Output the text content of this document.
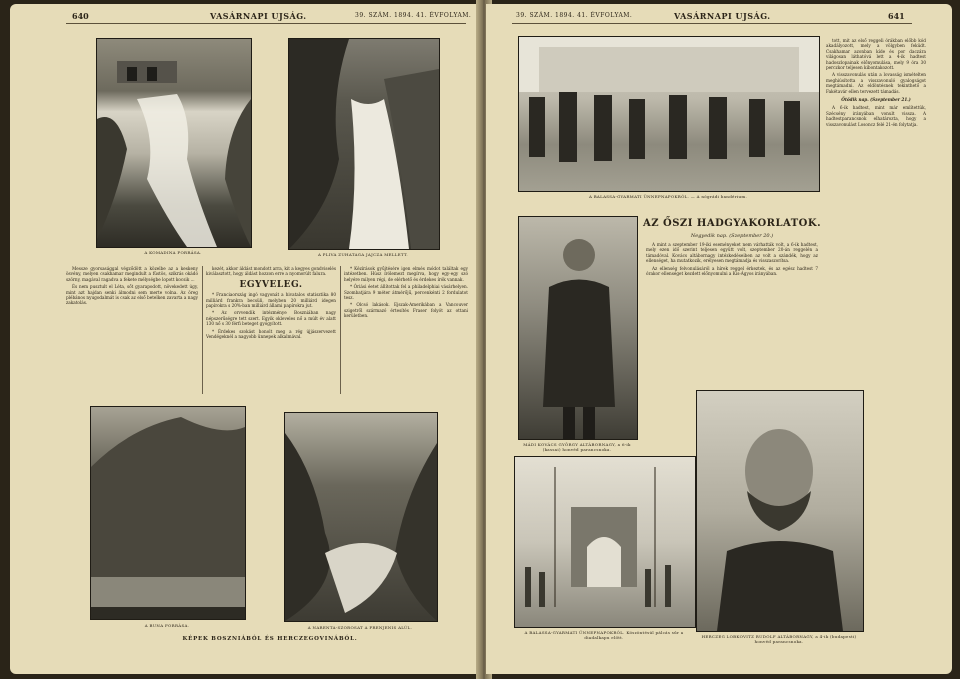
640	VASÁRNAPI UJSÁG.	39. SZÁM. 1894. 41. ÉVFOLYAM.
A KOMADINA FORRÁSA.	A PLIVA ZUHATAGA JAJCZA MELLETT.

Messze gyorsasággal végződött a közelbe az a keskeny ösvény, melyen csakhamar megindult a füstös, szikrás okádó szörny, magával ragadva a fekete mélységbe lopott kocsik ...

És nem pusztult el Léta, sőt gyarapodott, növekedett úgy, mint azt hajdan senki álmodni sem merte volna. Az öreg plébános nyugodalmát is csak az első betelken zavarta a nagy zakatolás.

kezét, akkor áldást mondott arra, kit a kegyes gondviselés kiválasztott, hogy áldást hozzon erre a nyomorúlt falura.

EGYVELEG.

* Franciaország ingó vagyonát a hivatalos statisztika 80 milliárd frankra becsüli, melyben 20 milliárd idegen papírokra s 20%-ban milliárd állami papírokra jut.

* Az orvvendik intézménye Boszniában nagy népszerűségre tett szert. Egyik okleveles nő a múlt év alatt 130 nő s 30 férfi beteget gyógyított.

* Érdekes szokást honolt meg a rég újjászervezett Vendégeknél a nagyobb ünnepek alkalmával.

* Kézírások gyűjtésére igen elmés módot találtak egy intézetben. Húsz írólemezt megírva, hogy egy-egy szó helyére milyen régi, de elérhető és érdekes írók vannak.

* Óriási éetet állítottak fel a philadelphiai vásárhelyen. Szombatjára 9 méter átmérőjű, percenkénti 2 fordulatot tesz.

* Olcsó lakások. Ejszak-Amerikában a Vancouver szigetről származó értesítés Fraser folyót az ottani kerületben.

A BUNA FORRÁSA.	A NARENTA-SZOROSAT A PRENJENIS ALÚL.
KÉPEK BOSZNIÁBÓL ÉS HERCZEGOVINÁBÓL.
39. SZÁM. 1894. 41. ÉVFOLYAM.	VASÁRNAPI UJSÁG.	641
A BALASSA-GYARMATI ÜNNEPNAPOKRÓL. — A nógrádi bandérium.

tott, mit az első reggeli órákban előbb kód akadályozott, mely a völgyben feküdt. Csakhamar azonban kíde és por daczára világosan láthatóvá lett a 4-ik hadtest hadoszlopainak előnyomulása, mely 9 óra 30 perczkor teljesen kibontakozott.

A visszavonulás után a lovasság ismételten meghiúsította a visszavonuló gyalogságot megtámadni. Az eldöntésnek tekinthető a Fakétavár ellen tervezett támadás.

Ötödik nap. (Szeptember 21.)

A 6-ik hadtest, mint már említettük, Szécsény irányában vonult vissza. A hadtestparancsnok elhatározta, hogy a visszavonulást Losoncz felé 21-én folytatja.

MÁDI KOVÁCS GYÖRGY ALTÁBORNAGY, a 6-ik (kassai) honvéd parancsnoka.
AZ ŐSZI HADGYAKORLATOK.
Negyedik nap. (Szeptember 20.)

A mint a szeptember 19-iki eseményeket nem várhatták volt, a 6-ik hadtest, mely ezen idő szerint teljesen együtt volt, szeptember 20-án reggelén a támadóval. Kovács altábornagy intézkedéseiben az volt a szándék, hogy az ellenséget, ha mutatkozik, erélyesen megtámadja és visszaszorítsa.

Az ellenség felvonulásáról a hírek reggel érkeztek, és az egész hadtest 7 órakor ellenséget kezdett előnyomulni a Kis-Ágyos irányában.

A BALASSA-GYARMATI ÜNNEPNAPOKRÓL. Köszöntésül pálcás sűr a diadalkapu előtt.	HERCZEG LOBKOVITZ RUDOLF ALTÁBORNAGY, a 4-ik (budapesti) honvéd parancsnoka.
